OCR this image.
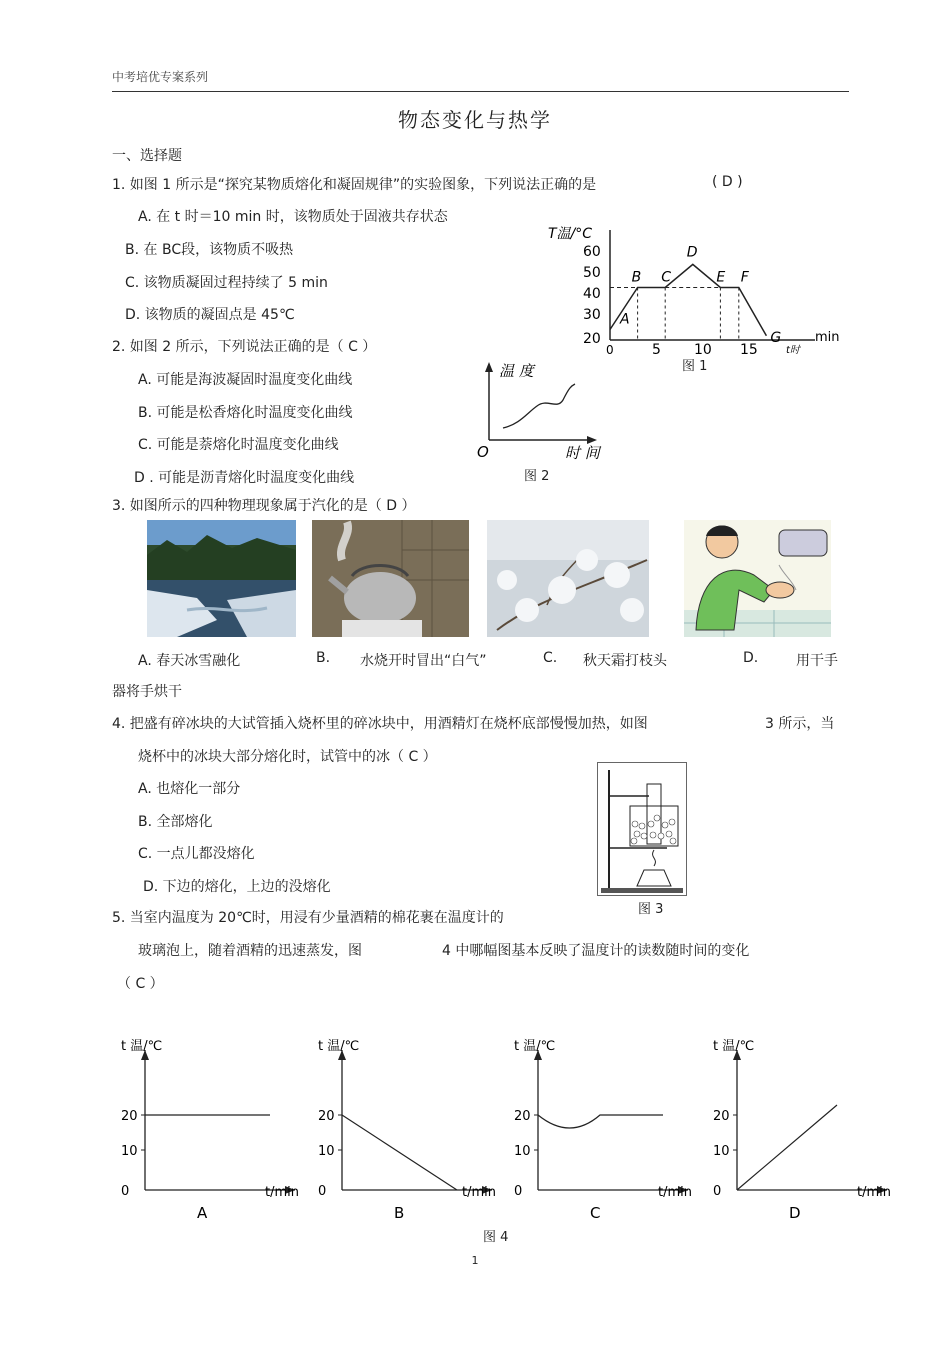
中考培优专案系列
物态变化与热学
一、选择题
1. 如图 1 所示是“探究某物质熔化和凝固规律”的实验图象，下列说法正确的是	( D )
A. 在 t 时＝10 min 时，该物质处于固液共存状态
B. 在 BC段，该物质不吸热
C. 该物质凝固过程持续了 5 min
D. 该物质的凝固点是 45℃
T温/°C
60
50
40
30
20
0	5 10 15	t时
min
A
B C
D
E F
G
图 1
2. 如图 2 所示，下列说法正确的是（ C ）
A. 可能是海波凝固时温度变化曲线
B. 可能是松香熔化时温度变化曲线
C. 可能是萘熔化时温度变化曲线
D . 可能是沥青熔化时温度变化曲线
温 度
时 间
O
图 2
3. 如图所示的四种物理现象属于汽化的是（ D ）
A. 春天冰雪融化	B. 水烧开时冒出“白气”	C. 秋天霜打枝头	D.	用干手
器将手烘干
4. 把盛有碎冰块的大试管插入烧杯里的碎冰块中，用酒精灯在烧杯底部慢慢加热，如图	3 所示，当
烧杯中的冰块大部分熔化时，试管中的冰（ C ）
A. 也熔化一部分
B. 全部熔化
C. 一点儿都没熔化
D. 下边的熔化，上边的没熔化
图 3
5. 当室内温度为 20℃时，用浸有少量酒精的棉花裹在温度计的
玻璃泡上，随着酒精的迅速蒸发，图	4 中哪幅图基本反映了温度计的读数随时间的变化
（ C ）
t 温/℃
t/min
20
10
0
A
t 温/℃
t/min
20
10
0
B
t 温/℃
t/min
20
10
0
C
t 温/℃
t/min
20
10
0
D
图 4
1
